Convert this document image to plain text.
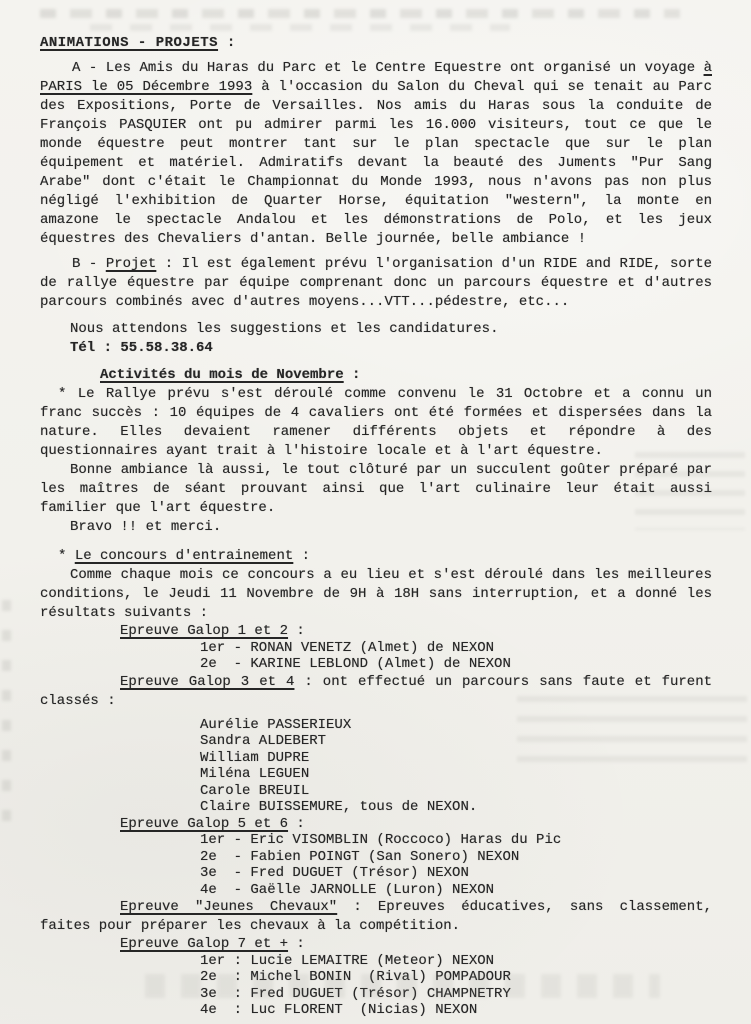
ANIMATIONS - PROJETS :

A - Les Amis du Haras du Parc et le Centre Equestre ont organisé un voyage à PARIS le 05 Décembre 1993 à l'occasion du Salon du Cheval qui se tenait au Parc des Expositions, Porte de Versailles. Nos amis du Haras sous la conduite de François PASQUIER ont pu admirer parmi les 16.000 visiteurs, tout ce que le monde équestre peut montrer tant sur le plan spectacle que sur le plan équipement et matériel. Admiratifs devant la beauté des Juments "Pur Sang Arabe" dont c'était le Championnat du Monde 1993, nous n'avons pas non plus négligé l'exhibition de Quarter Horse, équitation "western", la monte en amazone le spectacle Andalou et les démonstrations de Polo, et les jeux équestres des Chevaliers d'antan. Belle journée, belle ambiance !

B - Projet : Il est également prévu l'organisation d'un RIDE and RIDE, sorte de rallye équestre par équipe comprenant donc un parcours équestre et d'autres parcours combinés avec d'autres moyens...VTT...pédestre, etc...

Nous attendons les suggestions et les candidatures.
Tél : 55.58.38.64
Activités du mois de Novembre :

* Le Rallye prévu s'est déroulé comme convenu le 31 Octobre et a connu un franc succès : 10 équipes de 4 cavaliers ont été formées et dispersées dans la nature. Elles devaient ramener différents objets et répondre à des questionnaires ayant trait à l'histoire locale et à l'art équestre.

Bonne ambiance là aussi, le tout clôturé par un succulent goûter préparé par les maîtres de séant prouvant ainsi que l'art culinaire leur était aussi familier que l'art équestre.

Bravo !! et merci.
* Le concours d'entrainement :

Comme chaque mois ce concours a eu lieu et s'est déroulé dans les meilleures conditions, le Jeudi 11 Novembre de 9H à 18H sans interruption, et a donné les résultats suivants :

Epreuve Galop 1 et 2 :
1er - RONAN VENETZ (Almet) de NEXON
2e  - KARINE LEBLOND (Almet) de NEXON

Epreuve Galop 3 et 4 : ont effectué un parcours sans faute et furent classés :

Aurélie PASSERIEUX
Sandra ALDEBERT
William DUPRE
Miléna LEGUEN
Carole BREUIL
Claire BUISSEMURE, tous de NEXON.
Epreuve Galop 5 et 6 :
1er - Eric VISOMBLIN (Roccoco) Haras du Pic
2e  - Fabien POINGT (San Sonero) NEXON
3e  - Fred DUGUET (Trésor) NEXON
4e  - Gaëlle JARNOLLE (Luron) NEXON

Epreuve "Jeunes Chevaux" : Epreuves éducatives, sans classement, faites pour préparer les chevaux à la compétition.

Epreuve Galop 7 et + :
1er : Lucie LEMAITRE (Meteor) NEXON
2e  : Michel BONIN  (Rival) POMPADOUR
3e  : Fred DUGUET (Trésor) CHAMPNETRY
4e  : Luc FLORENT  (Nicias) NEXON
